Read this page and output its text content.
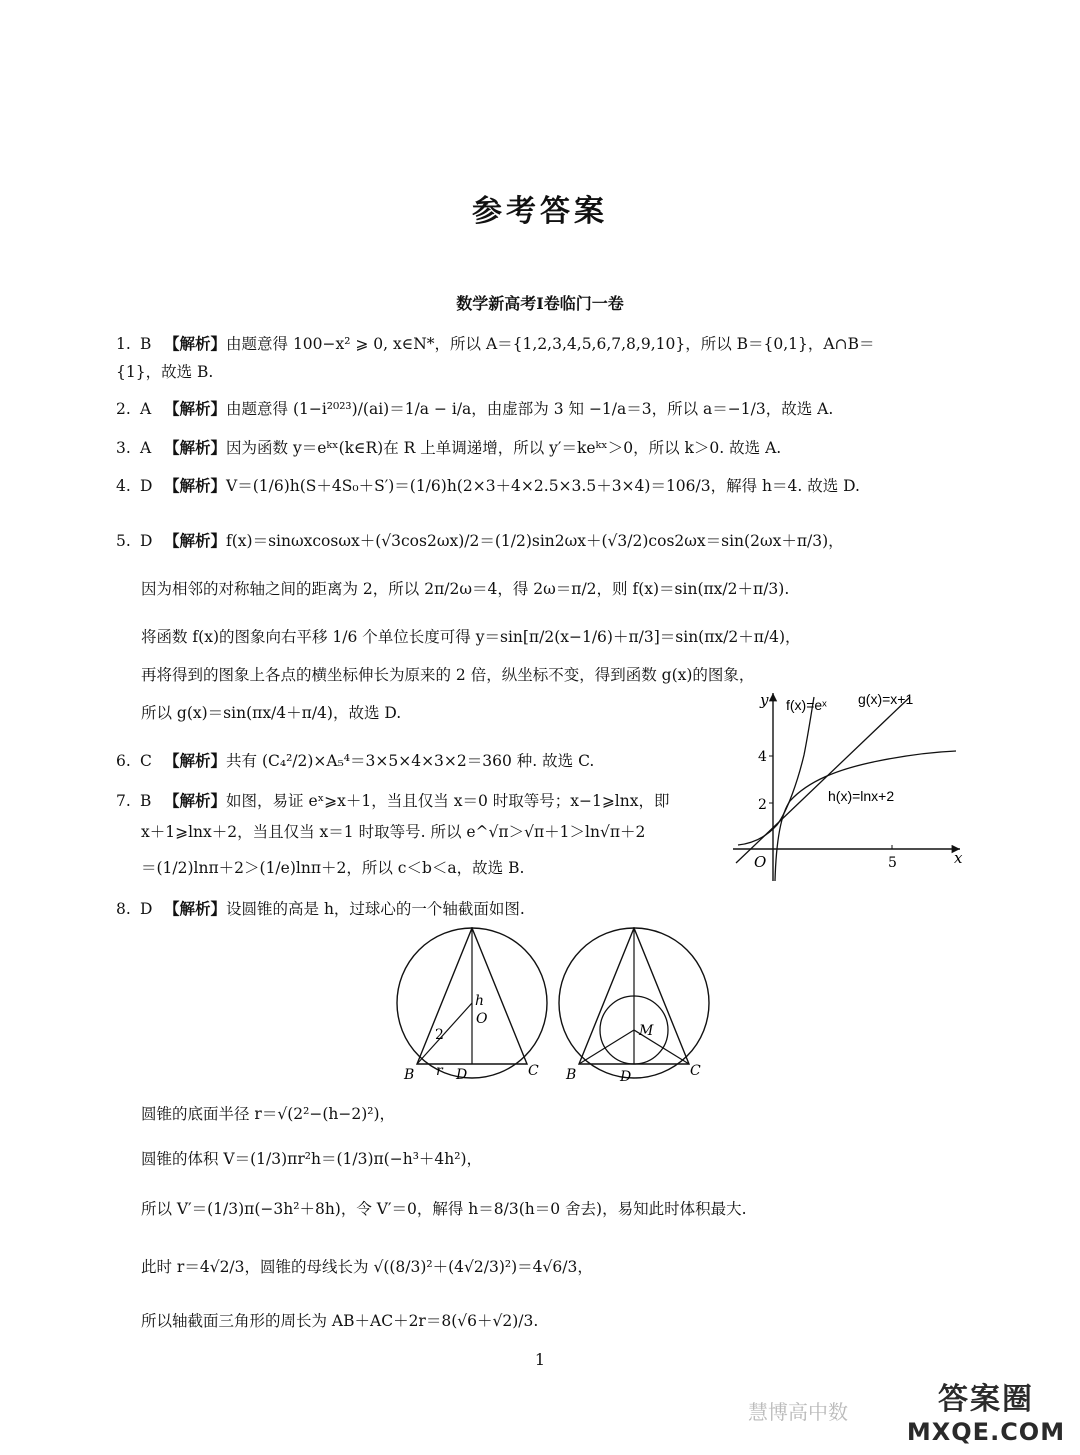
参考答案
数学新高考Ⅰ卷临门一卷
1. B 【解析】由题意得 100−x² ⩾ 0, x∈N*，所以 A＝{1,2,3,4,5,6,7,8,9,10}，所以 B＝{0,1}，A∩B＝
{1}，故选 B.
2. A 【解析】由题意得 (1−i²⁰²³)/(ai)＝1/a − i/a，由虚部为 3 知 −1/a＝3，所以 a＝−1/3，故选 A.
3. A 【解析】因为函数 y＝eᵏˣ(k∈R)在 R 上单调递增，所以 y′＝keᵏˣ＞0，所以 k＞0. 故选 A.
4. D 【解析】V＝(1/6)h(S＋4S₀＋S′)＝(1/6)h(2×3＋4×2.5×3.5＋3×4)＝106/3，解得 h＝4. 故选 D.
5. D 【解析】f(x)＝sinωxcosωx＋(√3cos2ωx)/2＝(1/2)sin2ωx＋(√3/2)cos2ωx＝sin(2ωx＋π/3)，
因为相邻的对称轴之间的距离为 2，所以 2π/2ω＝4，得 2ω＝π/2，则 f(x)＝sin(πx/2＋π/3).
将函数 f(x)的图象向右平移 1/6 个单位长度可得 y＝sin[π/2(x−1/6)＋π/3]＝sin(πx/2＋π/4)，
再将得到的图象上各点的横坐标伸长为原来的 2 倍，纵坐标不变，得到函数 g(x)的图象，
所以 g(x)＝sin(πx/4＋π/4)，故选 D.
6. C 【解析】共有 (C₄²/2)×A₅⁴＝3×5×4×3×2＝360 种. 故选 C.
7. B 【解析】如图，易证 eˣ⩾x＋1，当且仅当 x＝0 时取等号；x−1⩾lnx，即
x＋1⩾lnx＋2，当且仅当 x＝1 时取等号. 所以 e^√π＞√π＋1＞ln√π＋2
＝(1/2)lnπ＋2＞(1/e)lnπ＋2，所以 c＜b＜a，故选 B.
y
x
O
4
2
5
f(x)=eˣ g(x)=x+1
h(x)=lnx+2
8. D 【解析】设圆锥的高是 h，过球心的一个轴截面如图.
B	C
D
O
h
2
r	B	C
D
M
圆锥的底面半径 r＝√(2²−(h−2)²)，
圆锥的体积 V＝(1/3)πr²h＝(1/3)π(−h³＋4h²)，
所以 V′＝(1/3)π(−3h²＋8h)，令 V′＝0，解得 h＝8/3(h＝0 舍去)，易知此时体积最大.
此时 r＝4√2/3，圆锥的母线长为 √((8/3)²＋(4√2/3)²)＝4√6/3，
所以轴截面三角形的周长为 AB＋AC＋2r＝8(√6＋√2)/3.
1
慧博高中数	答案圈
MXQE.COM
